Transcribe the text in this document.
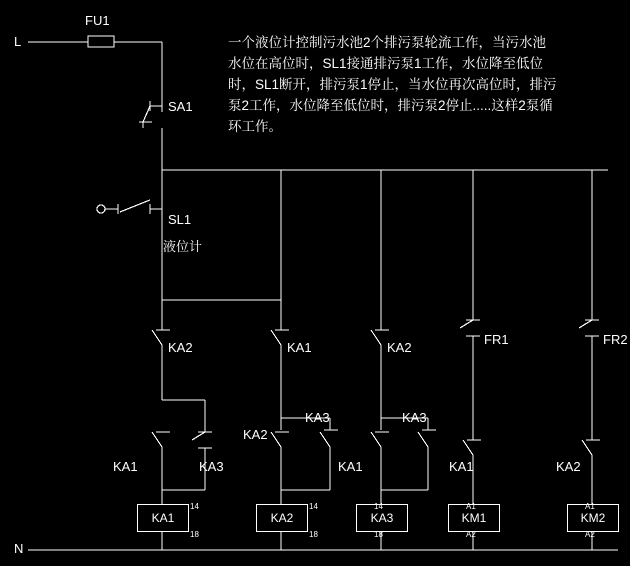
L
N
FU1
SA1
SL1
液位计
KA2	KA1	KA2
FR1	FR2
KA1	KA3
KA2
KA3
KA1
KA3
KA1	KA2
KA1
14
18
KA2
14
18
KA3
14
18
KM1
A1
A2
KM2
A1
A2
一个液位计控制污水池2个排污泵轮流工作，当污水池水位在高位时，SL1接通排污泵1工作，水位降至低位时，SL1断开，排污泵1停止，当水位再次高位时，排污泵2工作，水位降至低位时，排污泵2停止.....这样2泵循环工作。
